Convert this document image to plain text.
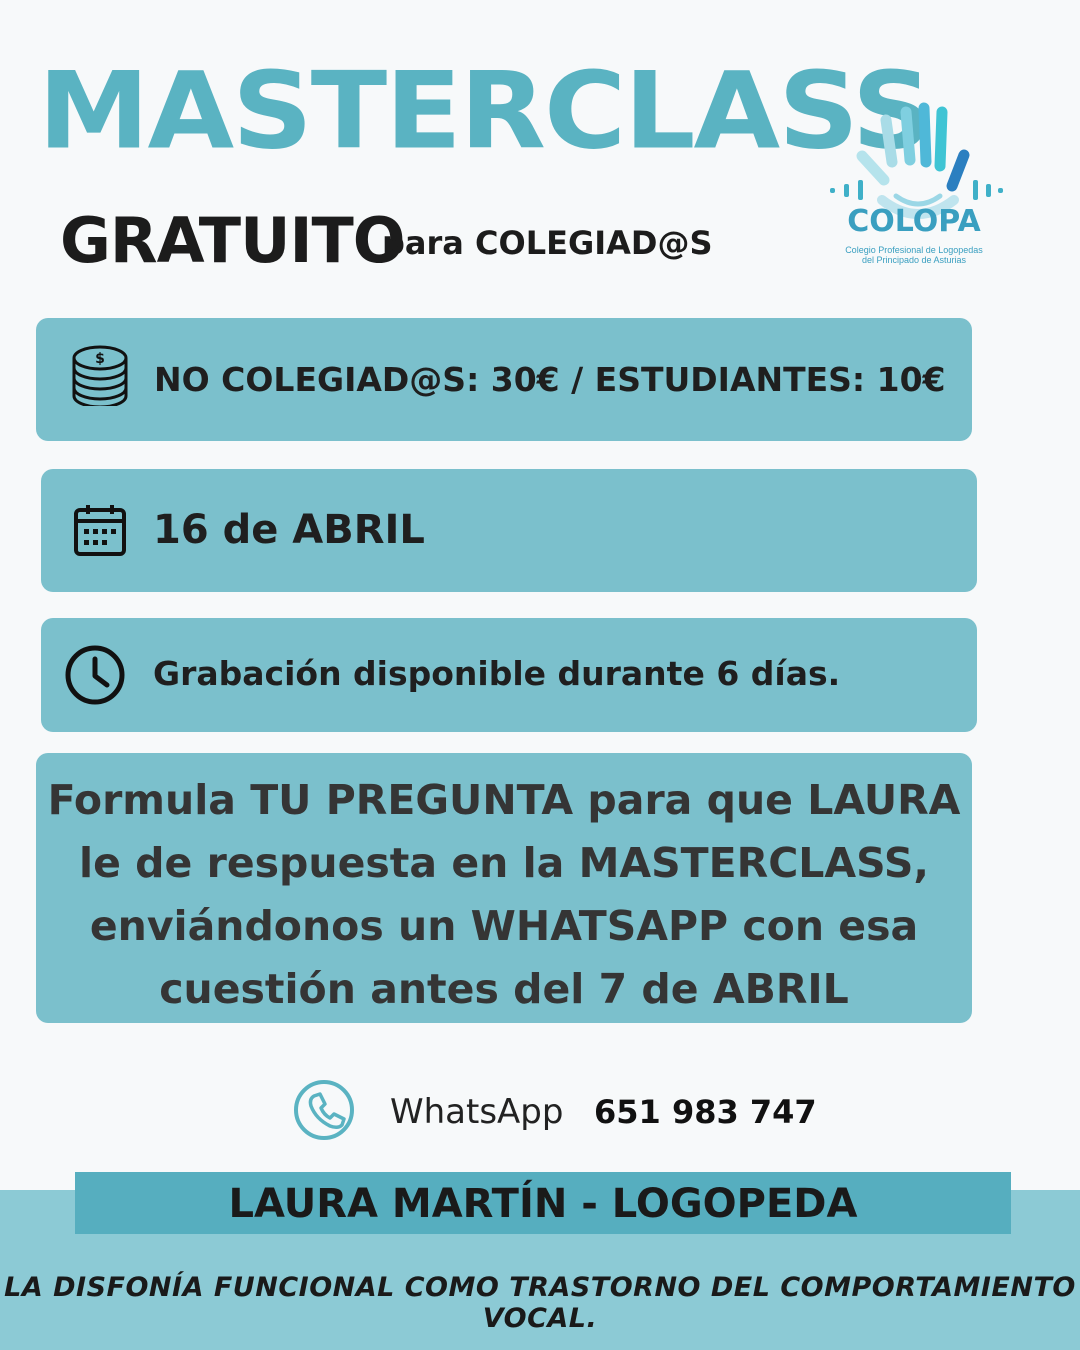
MASTERCLASS
GRATUITO
para COLEGIAD@S
COLOPA
Colegio Profesional de Logopedas
del Principado de Asturias
$
NO COLEGIAD@S: 30€ / ESTUDIANTES: 10€
16 de ABRIL
Grabación disponible durante 6 días.
Formula TU PREGUNTA para que LAURA
le de respuesta en la MASTERCLASS,
enviándonos un WHATSAPP con esa
cuestión antes del 7 de ABRIL
WhatsApp 651 983 747
LAURA MARTÍN - LOGOPEDA
LA DISFONÍA FUNCIONAL COMO TRASTORNO DEL COMPORTAMIENTO VOCAL.
